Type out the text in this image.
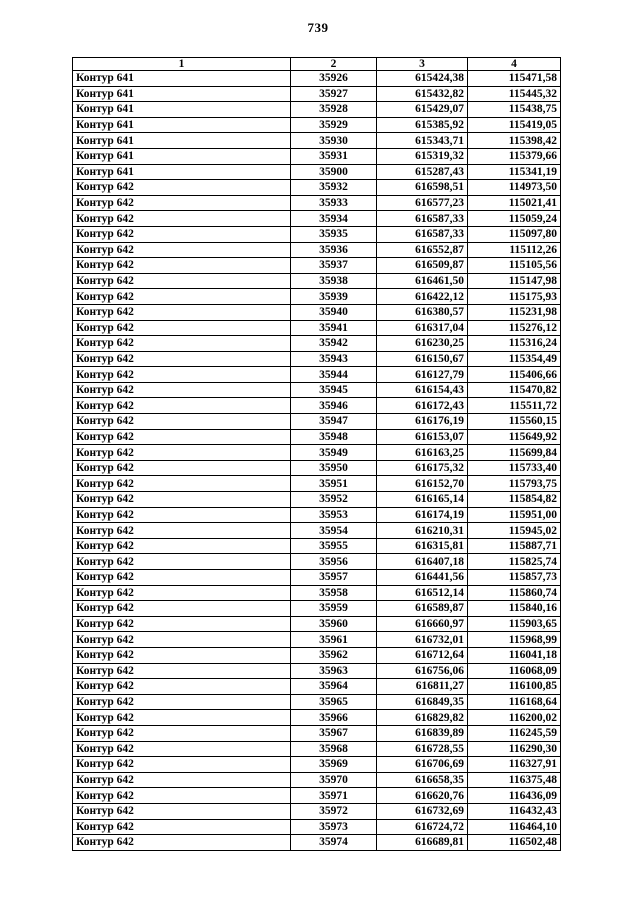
739
1	2	3	4
Контур 641	35926	615424,38	115471,58
Контур 641	35927	615432,82	115445,32
Контур 641	35928	615429,07	115438,75
Контур 641	35929	615385,92	115419,05
Контур 641	35930	615343,71	115398,42
Контур 641	35931	615319,32	115379,66
Контур 641	35900	615287,43	115341,19
Контур 642	35932	616598,51	114973,50
Контур 642	35933	616577,23	115021,41
Контур 642	35934	616587,33	115059,24
Контур 642	35935	616587,33	115097,80
Контур 642	35936	616552,87	115112,26
Контур 642	35937	616509,87	115105,56
Контур 642	35938	616461,50	115147,98
Контур 642	35939	616422,12	115175,93
Контур 642	35940	616380,57	115231,98
Контур 642	35941	616317,04	115276,12
Контур 642	35942	616230,25	115316,24
Контур 642	35943	616150,67	115354,49
Контур 642	35944	616127,79	115406,66
Контур 642	35945	616154,43	115470,82
Контур 642	35946	616172,43	115511,72
Контур 642	35947	616176,19	115560,15
Контур 642	35948	616153,07	115649,92
Контур 642	35949	616163,25	115699,84
Контур 642	35950	616175,32	115733,40
Контур 642	35951	616152,70	115793,75
Контур 642	35952	616165,14	115854,82
Контур 642	35953	616174,19	115951,00
Контур 642	35954	616210,31	115945,02
Контур 642	35955	616315,81	115887,71
Контур 642	35956	616407,18	115825,74
Контур 642	35957	616441,56	115857,73
Контур 642	35958	616512,14	115860,74
Контур 642	35959	616589,87	115840,16
Контур 642	35960	616660,97	115903,65
Контур 642	35961	616732,01	115968,99
Контур 642	35962	616712,64	116041,18
Контур 642	35963	616756,06	116068,09
Контур 642	35964	616811,27	116100,85
Контур 642	35965	616849,35	116168,64
Контур 642	35966	616829,82	116200,02
Контур 642	35967	616839,89	116245,59
Контур 642	35968	616728,55	116290,30
Контур 642	35969	616706,69	116327,91
Контур 642	35970	616658,35	116375,48
Контур 642	35971	616620,76	116436,09
Контур 642	35972	616732,69	116432,43
Контур 642	35973	616724,72	116464,10
Контур 642	35974	616689,81	116502,48
